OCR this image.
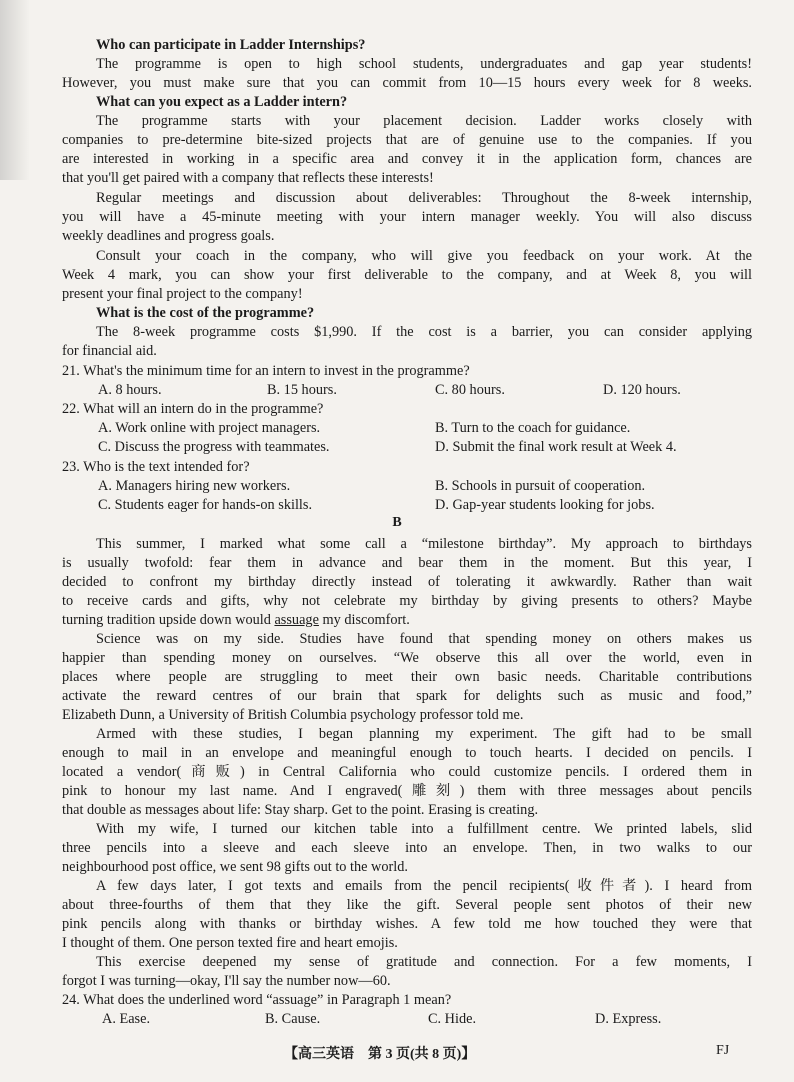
Who can participate in Ladder Internships?
The programme is open to high school students, undergraduates and gap year students!
However, you must make sure that you can commit from 10—15 hours every week for 8 weeks.
What can you expect as a Ladder intern?
The programme starts with your placement decision. Ladder works closely with
companies to pre-determine bite-sized projects that are of genuine use to the companies. If you
are interested in working in a specific area and convey it in the application form, chances are
that you'll get paired with a company that reflects these interests!
Regular meetings and discussion about deliverables: Throughout the 8-week internship,
you will have a 45-minute meeting with your intern manager weekly. You will also discuss
weekly deadlines and progress goals.
Consult your coach in the company, who will give you feedback on your work. At the
Week 4 mark, you can show your first deliverable to the company, and at Week 8, you will
present your final project to the company!
What is the cost of the programme?
The 8-week programme costs $1,990. If the cost is a barrier, you can consider applying
for financial aid.
21. What's the minimum time for an intern to invest in the programme?
A. 8 hours.	B. 15 hours.	C. 80 hours.	D. 120 hours.
22. What will an intern do in the programme?
A. Work online with project managers.	B. Turn to the coach for guidance.
C. Discuss the progress with teammates.	D. Submit the final work result at Week 4.
23. Who is the text intended for?
A. Managers hiring new workers.	B. Schools in pursuit of cooperation.
C. Students eager for hands-on skills.	D. Gap-year students looking for jobs.
B
This summer, I marked what some call a “milestone birthday”. My approach to birthdays
is usually twofold: fear them in advance and bear them in the moment. But this year, I
decided to confront my birthday directly instead of tolerating it awkwardly. Rather than wait
to receive cards and gifts, why not celebrate my birthday by giving presents to others? Maybe
turning tradition upside down would assuage my discomfort.
Science was on my side. Studies have found that spending money on others makes us
happier than spending money on ourselves. “We observe this all over the world, even in
places where people are struggling to meet their own basic needs. Charitable contributions
activate the reward centres of our brain that spark for delights such as music and food,”
Elizabeth Dunn, a University of British Columbia psychology professor told me.
Armed with these studies, I began planning my experiment. The gift had to be small
enough to mail in an envelope and meaningful enough to touch hearts. I decided on pencils. I
located a vendor(商贩) in Central California who could customize pencils. I ordered them in
pink to honour my last name. And I engraved(雕刻) them with three messages about pencils
that double as messages about life: Stay sharp. Get to the point. Erasing is creating.
With my wife, I turned our kitchen table into a fulfillment centre. We printed labels, slid
three pencils into a sleeve and each sleeve into an envelope. Then, in two walks to our
neighbourhood post office, we sent 98 gifts out to the world.
A few days later, I got texts and emails from the pencil recipients(收件者). I heard from
about three-fourths of them that they like the gift. Several people sent photos of their new
pink pencils along with thanks or birthday wishes. A few told me how touched they were that
I thought of them. One person texted fire and heart emojis.
This exercise deepened my sense of gratitude and connection. For a few moments, I
forgot I was turning—okay, I'll say the number now—60.
24. What does the underlined word “assuage” in Paragraph 1 mean?
A. Ease.	B. Cause.	C. Hide.	D. Express.
【高三英语　第 3 页(共 8 页)】	FJ
